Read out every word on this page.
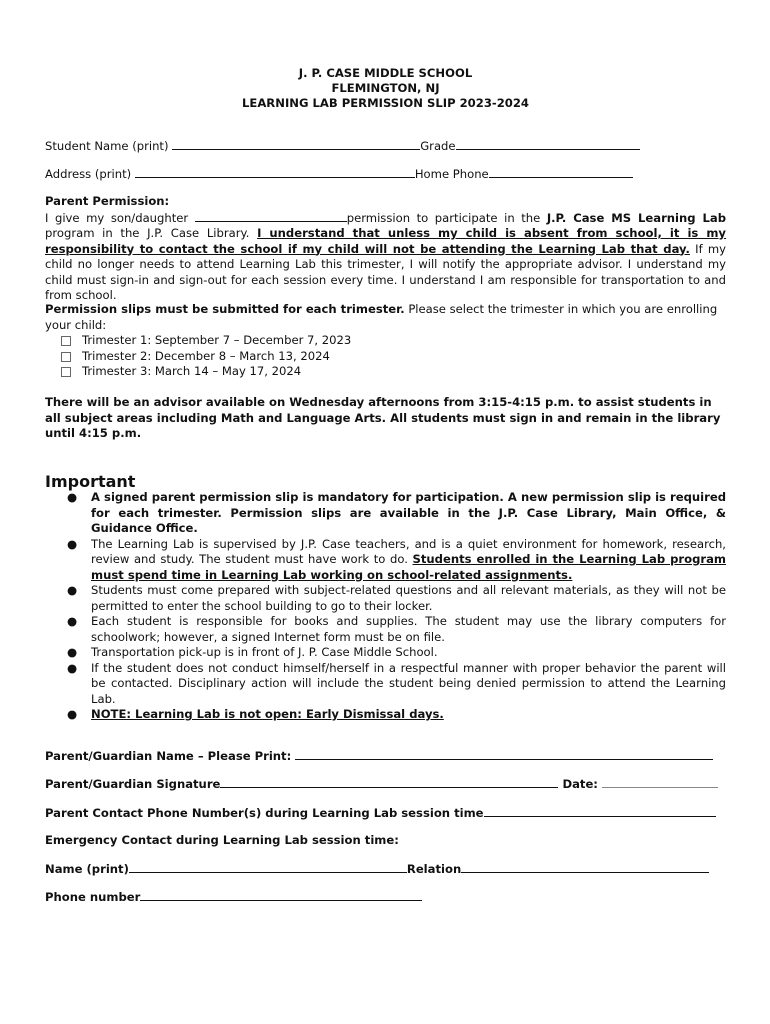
J. P. CASE MIDDLE SCHOOL
FLEMINGTON, NJ
LEARNING LAB PERMISSION SLIP 2023-2024
Student Name (print)	Grade
Address (print)	Home Phone
Parent Permission:
I give my son/daughter	permission to participate in the J.P. Case MS Learning Lab program in the J.P. Case Library. I understand that unless my child is absent from school, it is my responsibility to contact the school if my child will not be attending the Learning Lab that day. If my child no longer needs to attend Learning Lab this trimester, I will notify the appropriate advisor. I understand my child must sign-in and sign-out for each session every time. I understand I am responsible for transportation to and from school.
Permission slips must be submitted for each trimester. Please select the trimester in which you are enrolling your child:
Trimester 1: September 7 – December 7, 2023
Trimester 2: December 8 – March 13, 2024
Trimester 3: March 14 – May 17, 2024
There will be an advisor available on Wednesday afternoons from 3:15-4:15 p.m. to assist students in all subject areas including Math and Language Arts. All students must sign in and remain in the library until 4:15 p.m.
Important
● A signed parent permission slip is mandatory for participation. A new permission slip is required for each trimester. Permission slips are available in the J.P. Case Library, Main Office, & Guidance Office.
● The Learning Lab is supervised by J.P. Case teachers, and is a quiet environment for homework, research, review and study. The student must have work to do. Students enrolled in the Learning Lab program must spend time in Learning Lab working on school-related assignments.
● Students must come prepared with subject-related questions and all relevant materials, as they will not be permitted to enter the school building to go to their locker.
● Each student is responsible for books and supplies. The student may use the library computers for schoolwork; however, a signed Internet form must be on file.
● Transportation pick-up is in front of J. P. Case Middle School.
● If the student does not conduct himself/herself in a respectful manner with proper behavior the parent will be contacted. Disciplinary action will include the student being denied permission to attend the Learning Lab.
● NOTE: Learning Lab is not open: Early Dismissal days.
Parent/Guardian Name – Please Print:
Parent/Guardian Signature	Date:
Parent Contact Phone Number(s) during Learning Lab session time
Emergency Contact during Learning Lab session time:
Name (print)	Relation
Phone number
